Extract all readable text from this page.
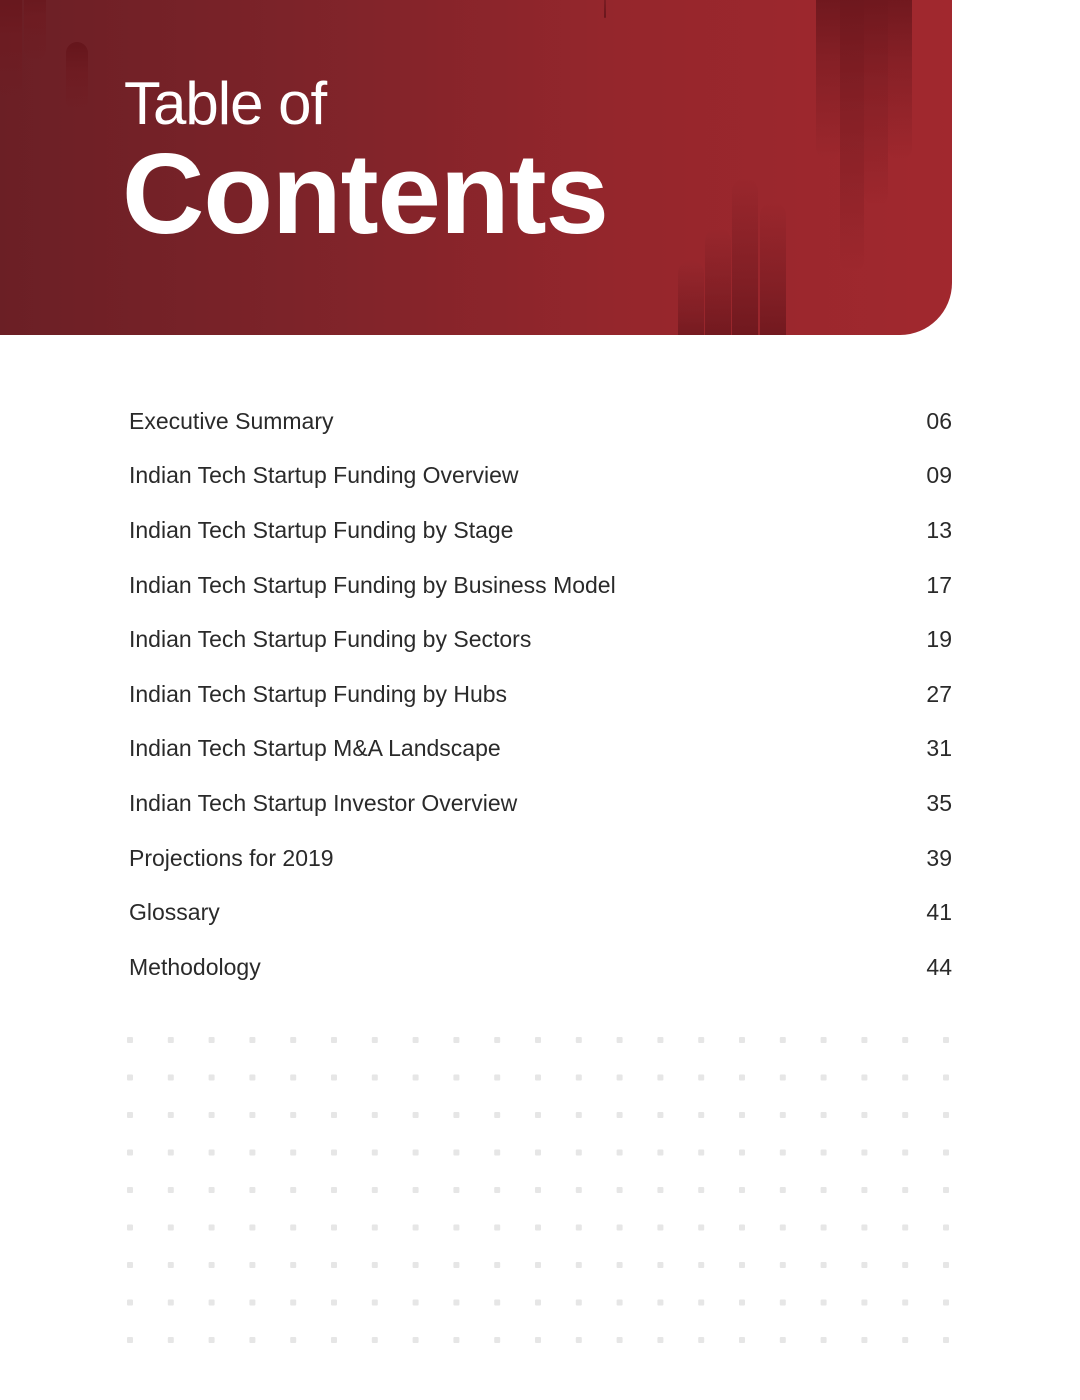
Table of
Contents
Executive Summary	06
Indian Tech Startup Funding Overview	09
Indian Tech Startup Funding by Stage	13
Indian Tech Startup Funding by Business Model	17
Indian Tech Startup Funding by Sectors	19
Indian Tech Startup Funding by Hubs	27
Indian Tech Startup M&A Landscape	31
Indian Tech Startup Investor Overview	35
Projections for 2019	39
Glossary	41
Methodology	44
